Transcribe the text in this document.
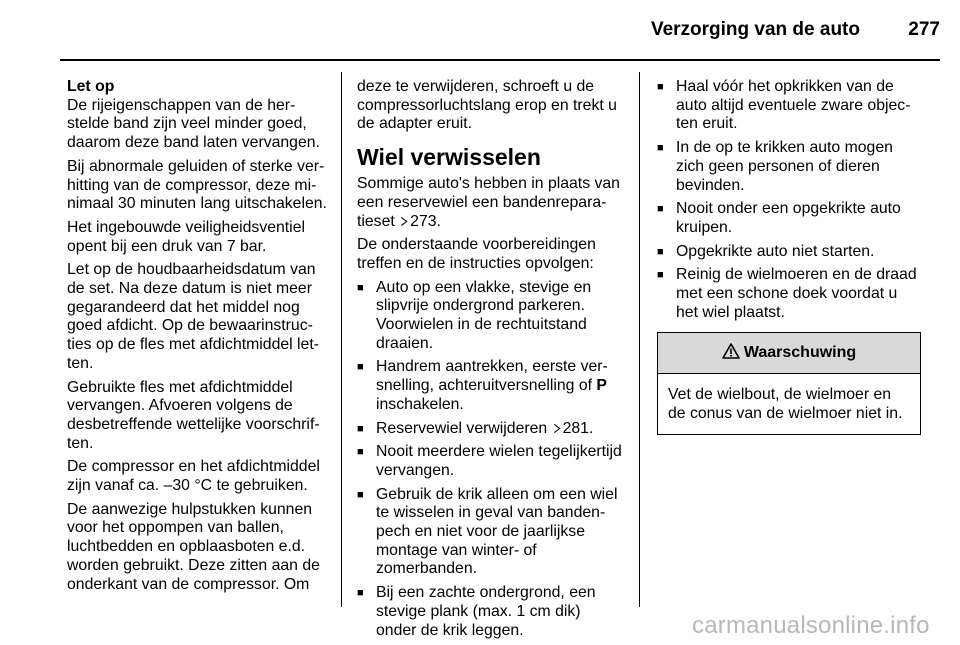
Verzorging van de auto	277

Let op

De rijeigenschappen van de herstelde band zijn veel minder goed, daarom deze band laten vervangen.

Bij abnormale geluiden of sterke verhitting van de compressor, deze minimaal 30 minuten lang uitschakelen.

Het ingebouwde veiligheidsventiel opent bij een druk van 7 bar.

Let op de houdbaarheidsdatum van de set. Na deze datum is niet meer gegarandeerd dat het middel nog goed afdicht. Op de bewaarinstructies op de fles met afdichtmiddel letten.

Gebruikte fles met afdichtmiddel vervangen. Afvoeren volgens de desbetreffende wettelijke voorschriften.

De compressor en het afdichtmiddel zijn vanaf ca. –30 °C te gebruiken.

De aanwezige hulpstukken kunnen voor het oppompen van ballen, luchtbedden en opblaasboten e.d. worden gebruikt. Deze zitten aan de onderkant van de compressor. Om

deze te verwijderen, schroeft u de compressorluchtslang erop en trekt u de adapter eruit.

Wiel verwisselen

Sommige auto's hebben in plaats van een reservewiel een bandenreparatieset 273.

De onderstaande voorbereidingen treffen en de instructies opvolgen:

■ Auto op een vlakke, stevige en slipvrije ondergrond parkeren. Voorwielen in de rechtuitstand draaien.
■ Handrem aantrekken, eerste versnelling, achteruitversnelling of P inschakelen.
■ Reservewiel verwijderen 281.
■ Nooit meerdere wielen tegelijkertijd vervangen.
■ Gebruik de krik alleen om een wiel te wisselen in geval van bandenpech en niet voor de jaarlijkse montage van winter- of zomerbanden.
■ Bij een zachte ondergrond, een stevige plank (max. 1 cm dik) onder de krik leggen.
■ Haal vóór het opkrikken van de auto altijd eventuele zware objecten eruit.
■ In de op te krikken auto mogen zich geen personen of dieren bevinden.
■ Nooit onder een opgekrikte auto kruipen.
■ Opgekrikte auto niet starten.
■ Reinig de wielmoeren en de draad met een schone doek voordat u het wiel plaatst.
Waarschuwing
Vet de wielbout, de wielmoer en de conus van de wielmoer niet in.
carmanualsonline.info
